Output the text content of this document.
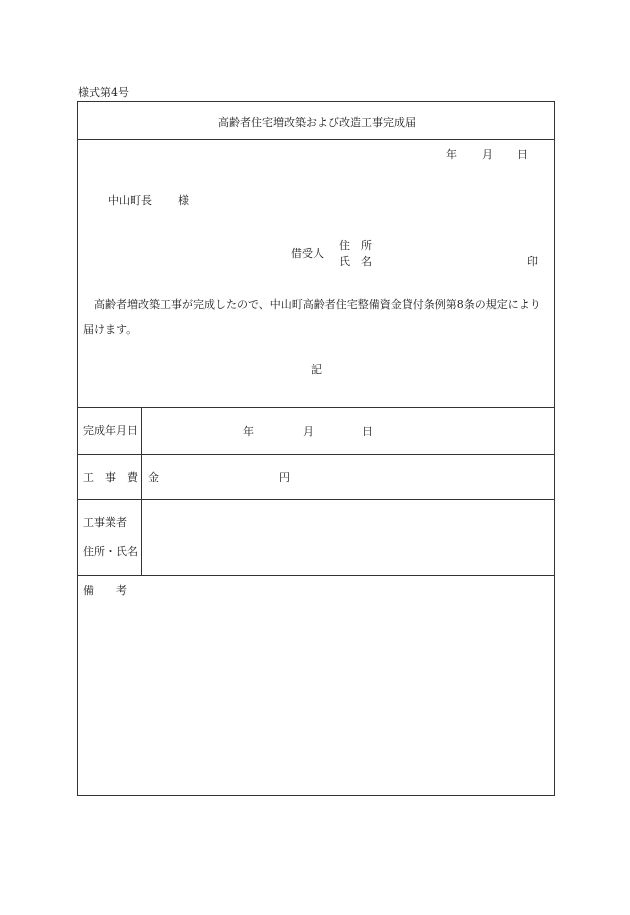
様式第4号
高齢者住宅増改築および改造工事完成届
年 月 日
中山町長 様
借受人
住　所
氏　名	印
高齢者増改築工事が完成したので、中山町高齢者住宅整備資金貸付条例第8条の規定により届けます。
記
完成年月日	年	月	日
工　事　費 金	円
工事業者
住所・氏名
備　　考
